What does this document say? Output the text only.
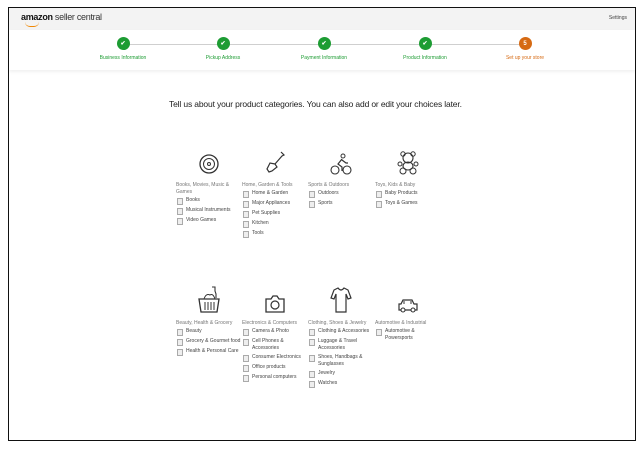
amazon seller central	Settings
✔
Business Information
✔
Pickup Address
✔
Payment Information
✔
Product Information
5
Set up your store
Tell us about your product categories. You can also add or edit your choices later.
Books, Movies, Music & Games
Books
Musical Instruments
Video Games
Home, Garden & Tools
Home & Garden
Major Appliances
Pet Supplies
Kitchen
Tools
Sports & Outdoors
Outdoors
Sports
Toys, Kids & Baby
Baby Products
Toys & Games
Beauty, Health & Grocery
Beauty
Grocery & Gourmet food
Health & Personal Care
Electronics & Computers
Camera & Photo
Cell Phones & Accessories
Consumer Electronics
Office products
Personal computers
Clothing, Shoes & Jewelry
Clothing & Accessories
Luggage & Travel Accessories
Shoes, Handbags & Sunglasses
Jewelry
Watches
Automotive & Industrial
Automotive & Powersports
